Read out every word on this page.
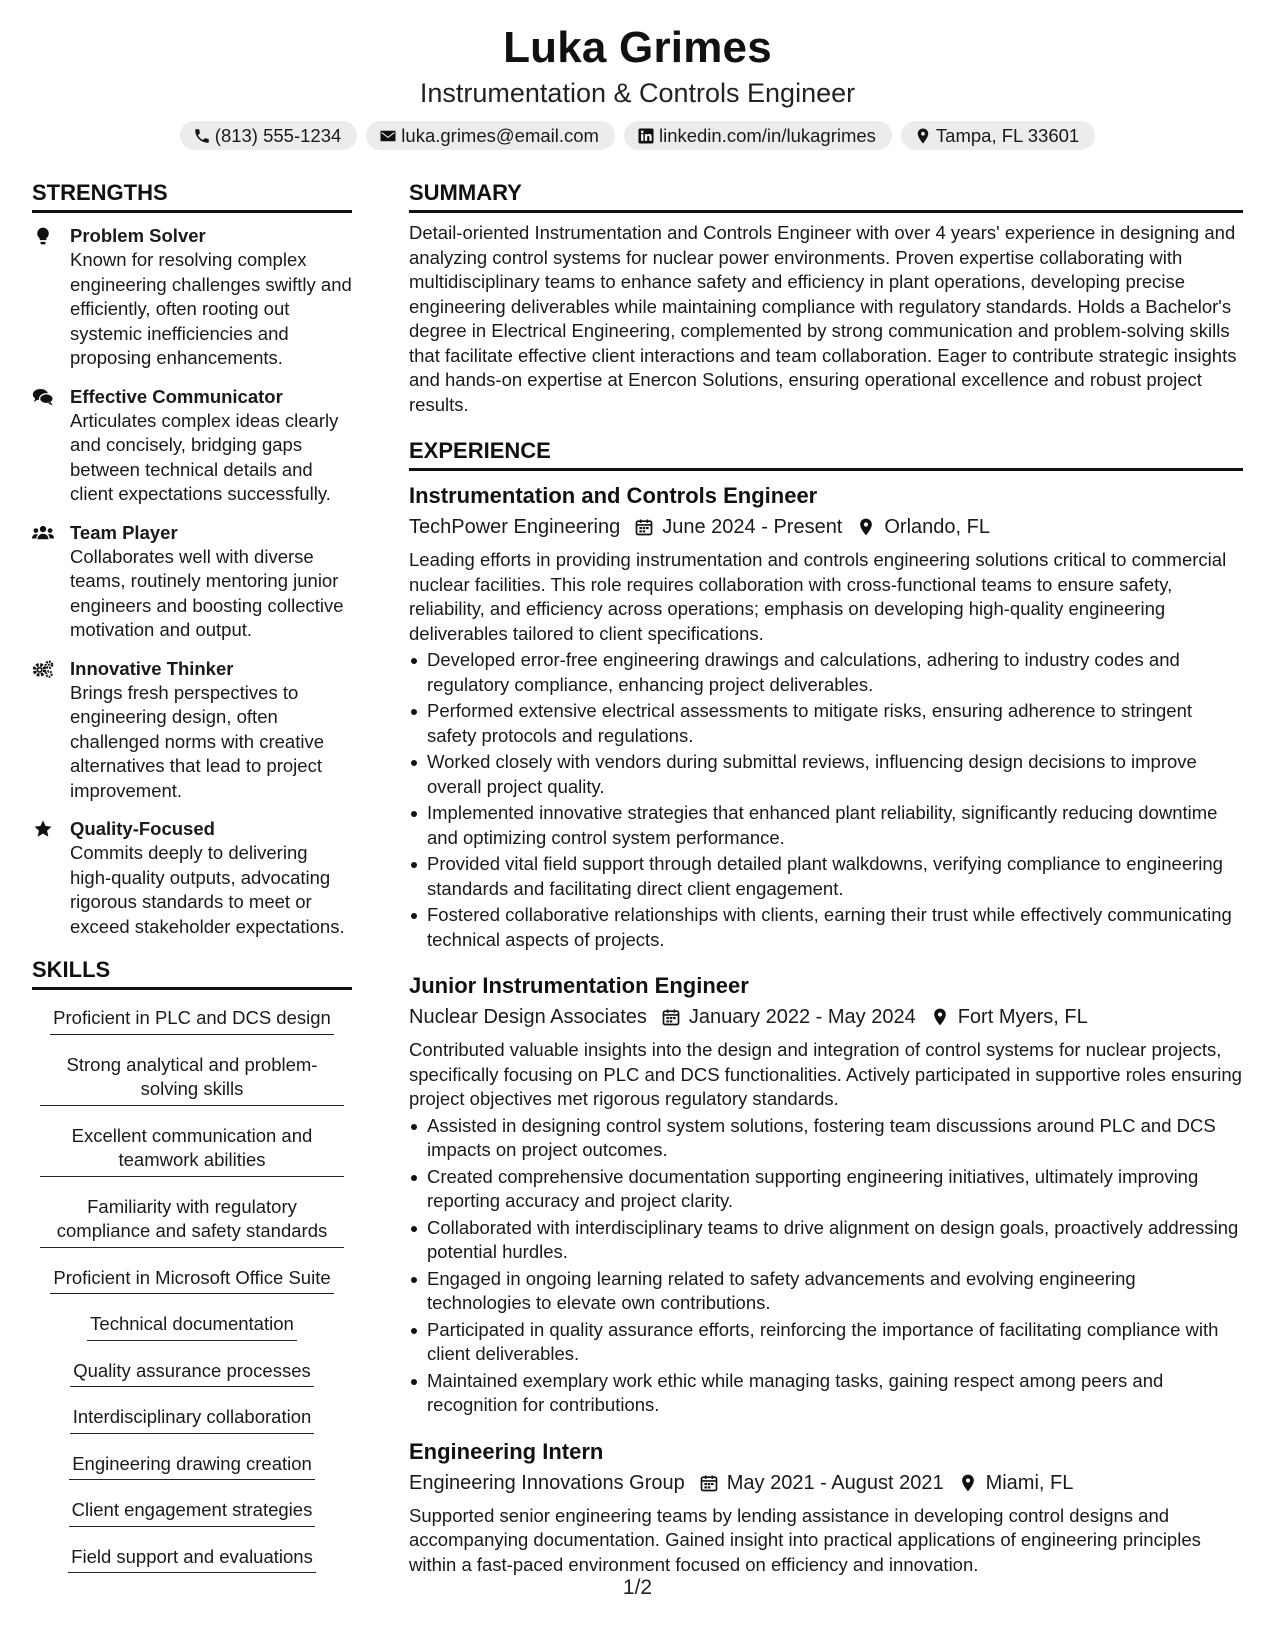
Luka Grimes
Instrumentation & Controls Engineer
(813) 555-1234	luka.grimes@email.com	linkedin.com/in/lukagrimes	Tampa, FL 33601
STRENGTHS
Problem Solver
Known for resolving complex engineering challenges swiftly and efficiently, often rooting out systemic inefficiencies and proposing enhancements.
Effective Communicator
Articulates complex ideas clearly and concisely, bridging gaps between technical details and client expectations successfully.
Team Player
Collaborates well with diverse teams, routinely mentoring junior engineers and boosting collective motivation and output.
Innovative Thinker
Brings fresh perspectives to engineering design, often challenged norms with creative alternatives that lead to project improvement.
Quality-Focused
Commits deeply to delivering high-quality outputs, advocating rigorous standards to meet or exceed stakeholder expectations.
SKILLS
Proficient in PLC and DCS design
Strong analytical and problem-solving skills
Excellent communication and teamwork abilities
Familiarity with regulatory compliance and safety standards
Proficient in Microsoft Office Suite
Technical documentation
Quality assurance processes
Interdisciplinary collaboration
Engineering drawing creation
Client engagement strategies
Field support and evaluations
SUMMARY
Detail-oriented Instrumentation and Controls Engineer with over 4 years' experience in designing and analyzing control systems for nuclear power environments. Proven expertise collaborating with multidisciplinary teams to enhance safety and efficiency in plant operations, developing precise engineering deliverables while maintaining compliance with regulatory standards. Holds a Bachelor's degree in Electrical Engineering, complemented by strong communication and problem-solving skills that facilitate effective client interactions and team collaboration. Eager to contribute strategic insights and hands-on expertise at Enercon Solutions, ensuring operational excellence and robust project results.
EXPERIENCE
Instrumentation and Controls Engineer
TechPower Engineering June 2024 - Present Orlando, FL
Leading efforts in providing instrumentation and controls engineering solutions critical to commercial nuclear facilities. This role requires collaboration with cross-functional teams to ensure safety, reliability, and efficiency across operations; emphasis on developing high-quality engineering deliverables tailored to client specifications.
Developed error-free engineering drawings and calculations, adhering to industry codes and regulatory compliance, enhancing project deliverables.
Performed extensive electrical assessments to mitigate risks, ensuring adherence to stringent safety protocols and regulations.
Worked closely with vendors during submittal reviews, influencing design decisions to improve overall project quality.
Implemented innovative strategies that enhanced plant reliability, significantly reducing downtime and optimizing control system performance.
Provided vital field support through detailed plant walkdowns, verifying compliance to engineering standards and facilitating direct client engagement.
Fostered collaborative relationships with clients, earning their trust while effectively communicating technical aspects of projects.
Junior Instrumentation Engineer
Nuclear Design Associates January 2022 - May 2024 Fort Myers, FL
Contributed valuable insights into the design and integration of control systems for nuclear projects, specifically focusing on PLC and DCS functionalities. Actively participated in supportive roles ensuring project objectives met rigorous regulatory standards.
Assisted in designing control system solutions, fostering team discussions around PLC and DCS impacts on project outcomes.
Created comprehensive documentation supporting engineering initiatives, ultimately improving reporting accuracy and project clarity.
Collaborated with interdisciplinary teams to drive alignment on design goals, proactively addressing potential hurdles.
Engaged in ongoing learning related to safety advancements and evolving engineering technologies to elevate own contributions.
Participated in quality assurance efforts, reinforcing the importance of facilitating compliance with client deliverables.
Maintained exemplary work ethic while managing tasks, gaining respect among peers and recognition for contributions.
Engineering Intern
Engineering Innovations Group May 2021 - August 2021 Miami, FL
Supported senior engineering teams by lending assistance in developing control designs and accompanying documentation. Gained insight into practical applications of engineering principles within a fast-paced environment focused on efficiency and innovation.
1/2
